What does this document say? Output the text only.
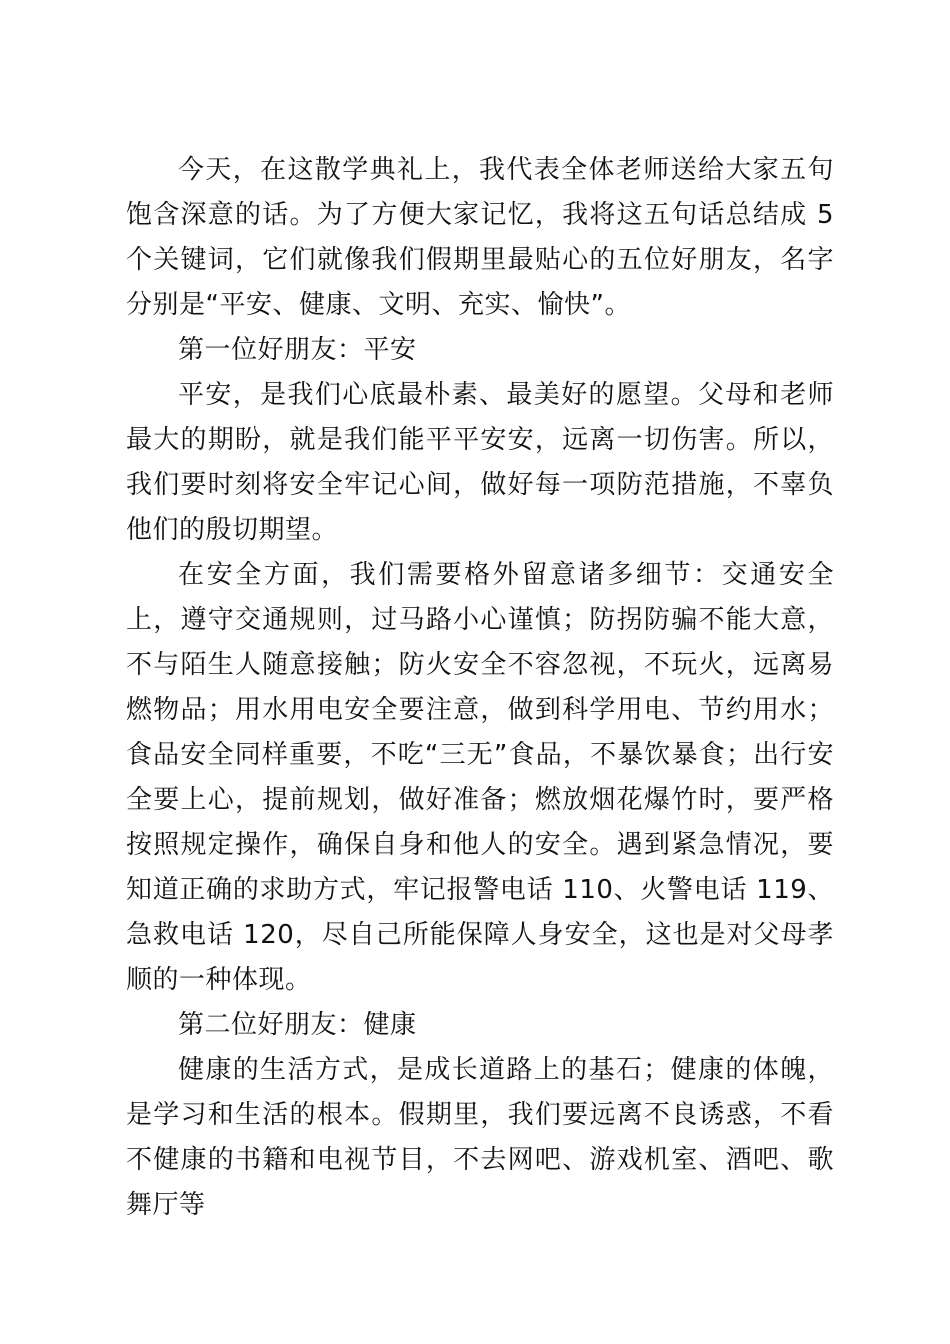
今天，在这散学典礼上，我代表全体老师送给大家五句饱含深意的话。为了方便大家记忆，我将这五句话总结成 5 个关键词，它们就像我们假期里最贴心的五位好朋友，名字分别是“平安、健康、文明、充实、愉快”。

第一位好朋友：平安

平安，是我们心底最朴素、最美好的愿望。父母和老师最大的期盼，就是我们能平平安安，远离一切伤害。所以，我们要时刻将安全牢记心间，做好每一项防范措施，不辜负他们的殷切期望。

在安全方面，我们需要格外留意诸多细节：交通安全上，遵守交通规则，过马路小心谨慎；防拐防骗不能大意，不与陌生人随意接触；防火安全不容忽视，不玩火，远离易燃物品；用水用电安全要注意，做到科学用电、节约用水；食品安全同样重要，不吃“三无”食品，不暴饮暴食；出行安全要上心，提前规划，做好准备；燃放烟花爆竹时，要严格按照规定操作，确保自身和他人的安全。遇到紧急情况，要知道正确的求助方式，牢记报警电话 110、火警电话 119、急救电话 120，尽自己所能保障人身安全，这也是对父母孝顺的一种体现。

第二位好朋友：健康

健康的生活方式，是成长道路上的基石；健康的体魄，是学习和生活的根本。假期里，我们要远离不良诱惑，不看不健康的书籍和电视节目，不去网吧、游戏机室、酒吧、歌舞厅等
